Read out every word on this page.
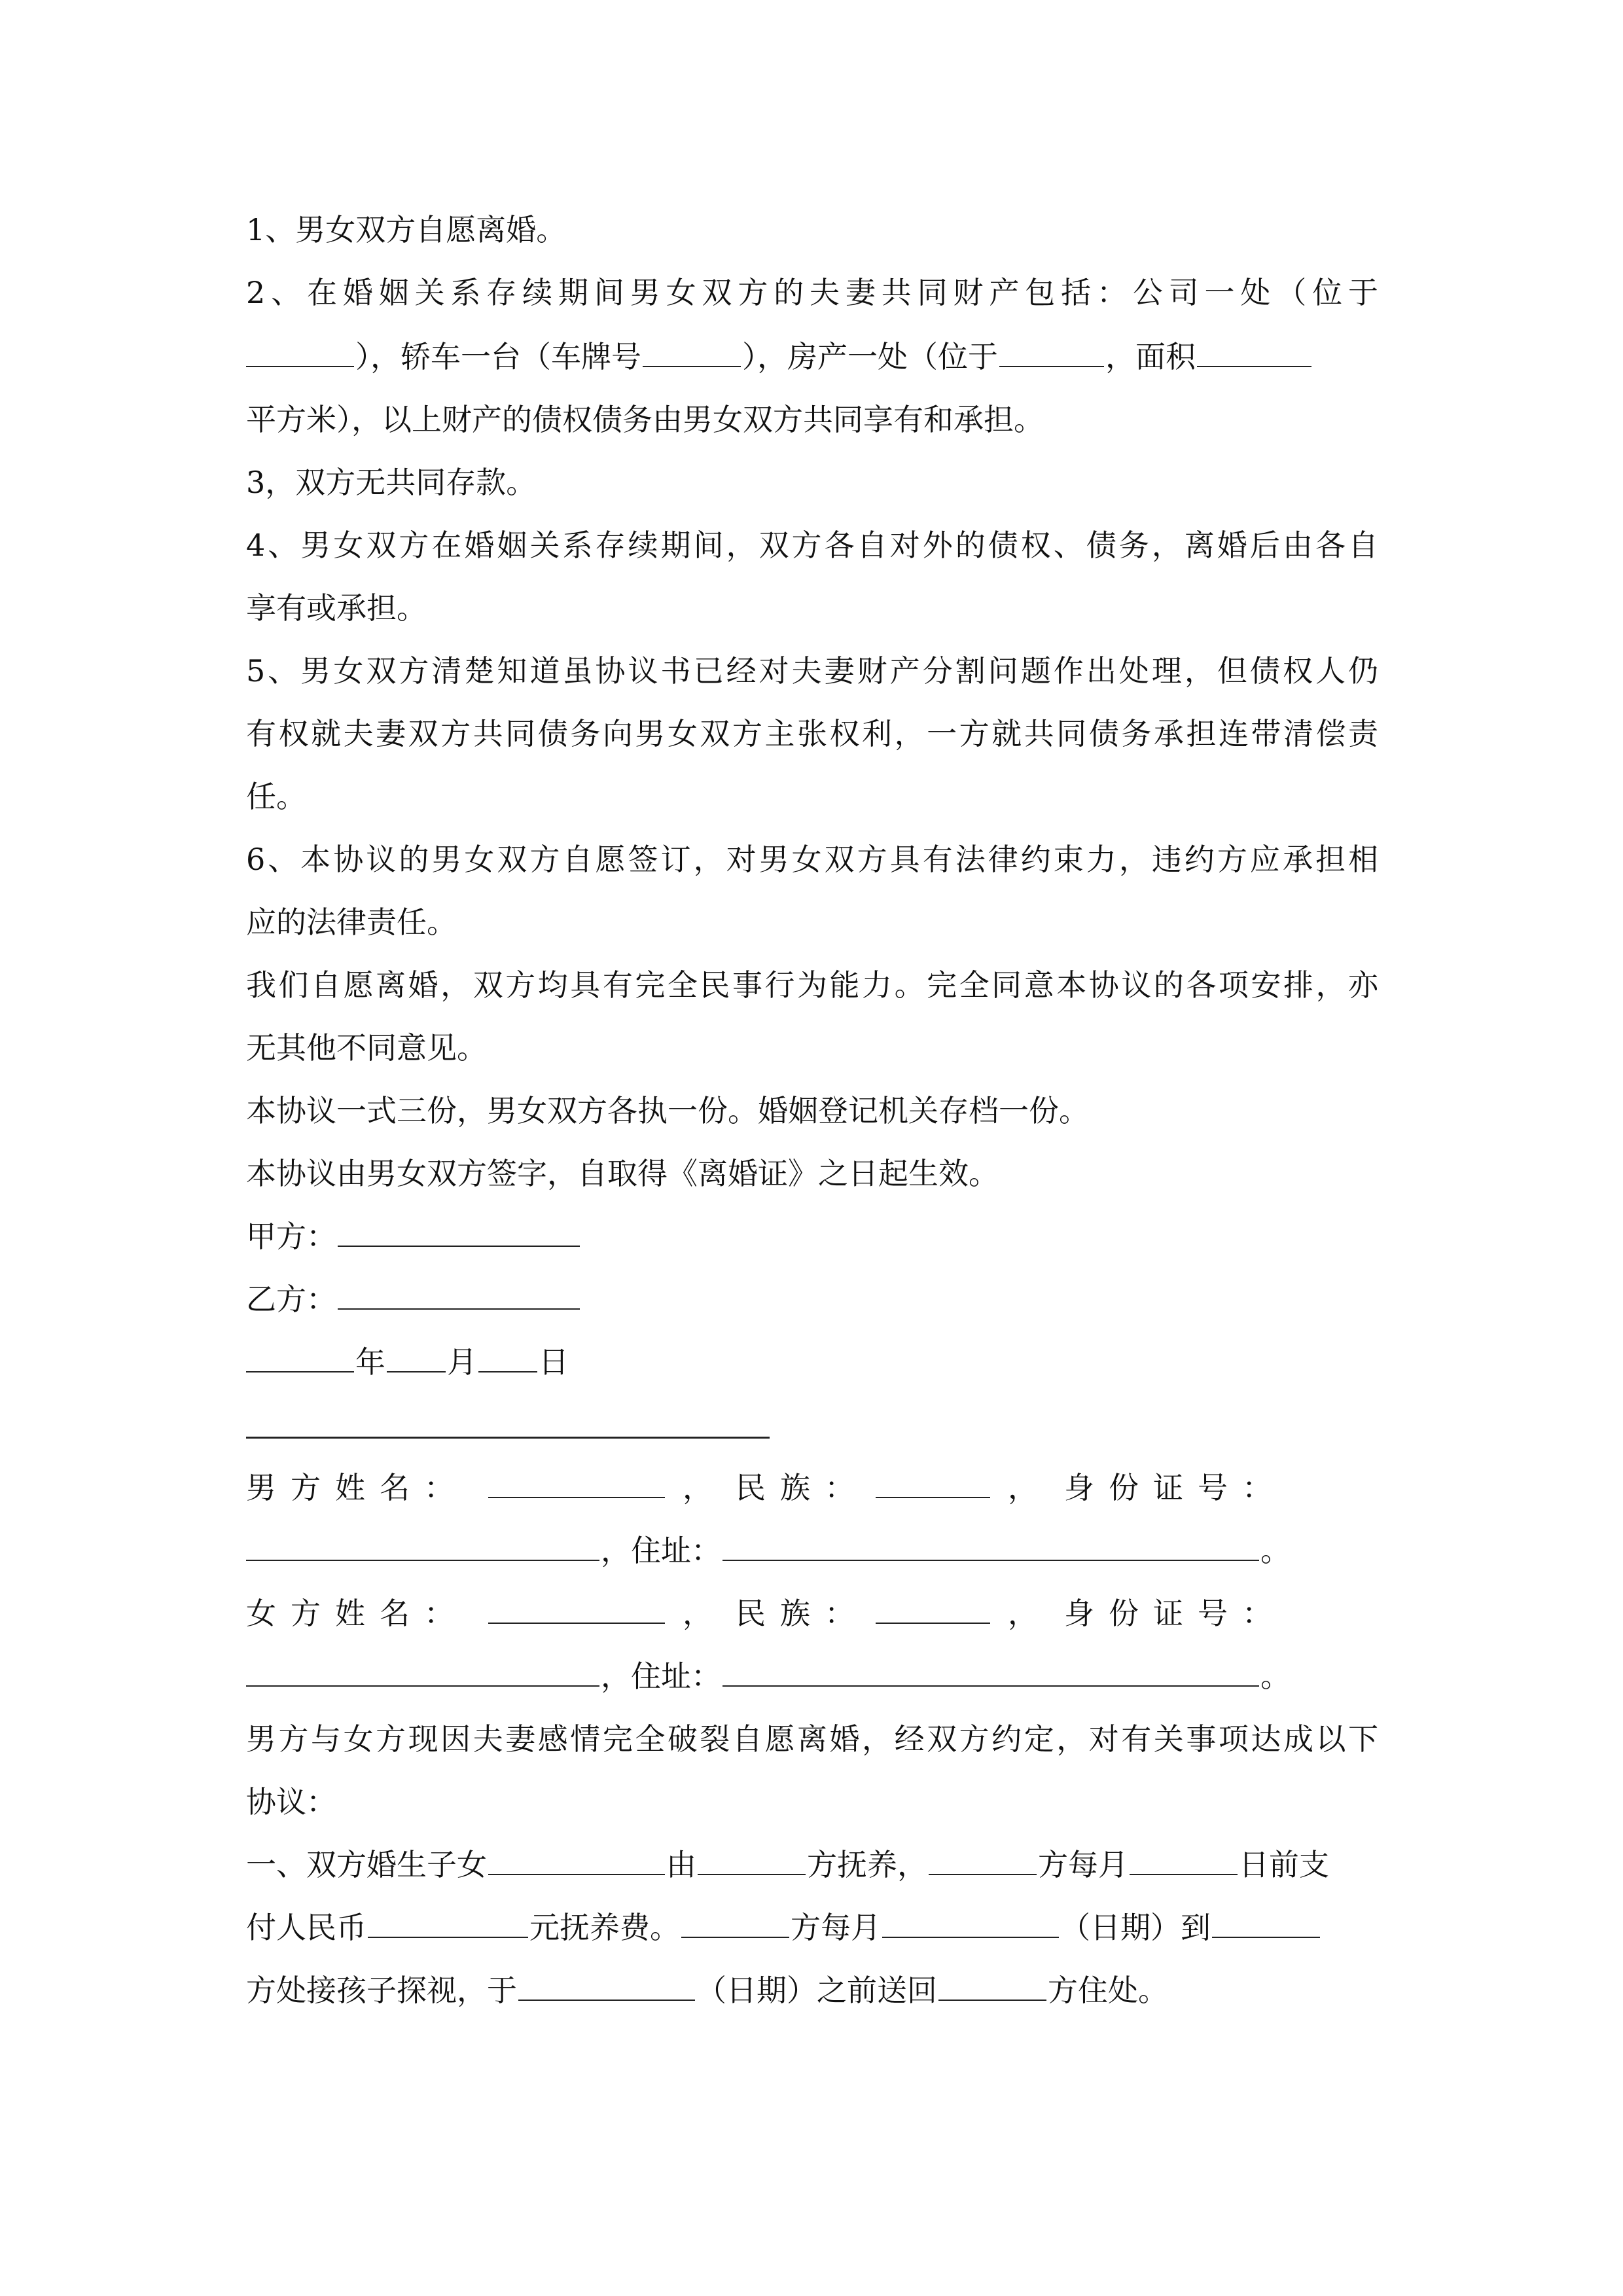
1、男女双方自愿离婚。
2、在婚姻关系存续期间男女双方的夫妻共同财产包括：公司一处（位于
），轿车一台（车牌号	），房产一处（位于	，面积
平方米），以上财产的债权债务由男女双方共同享有和承担。
3，双方无共同存款。
4、男女双方在婚姻关系存续期间，双方各自对外的债权、债务，离婚后由各自
享有或承担。
5、男女双方清楚知道虽协议书已经对夫妻财产分割问题作出处理，但债权人仍
有权就夫妻双方共同债务向男女双方主张权利，一方就共同债务承担连带清偿责
任。
6、本协议的男女双方自愿签订，对男女双方具有法律约束力，违约方应承担相
应的法律责任。
我们自愿离婚，双方均具有完全民事行为能力。完全同意本协议的各项安排，亦
无其他不同意见。
本协议一式三份，男女双方各执一份。婚姻登记机关存档一份。
本协议由男女双方签字，自取得《离婚证》之日起生效。
甲方：
乙方：
年 月 日
男方姓名：	， 民族：	， 身份证号：
，住址：	。
女方姓名：	， 民族：	， 身份证号：
，住址：	。
男方与女方现因夫妻感情完全破裂自愿离婚，经双方约定，对有关事项达成以下
协议：
一、双方婚生子女	由	方抚养，	方每月	日前支
付人民币	元抚养费。	方每月	（日期）到
方处接孩子探视，于	（日期）之前送回	方住处。
